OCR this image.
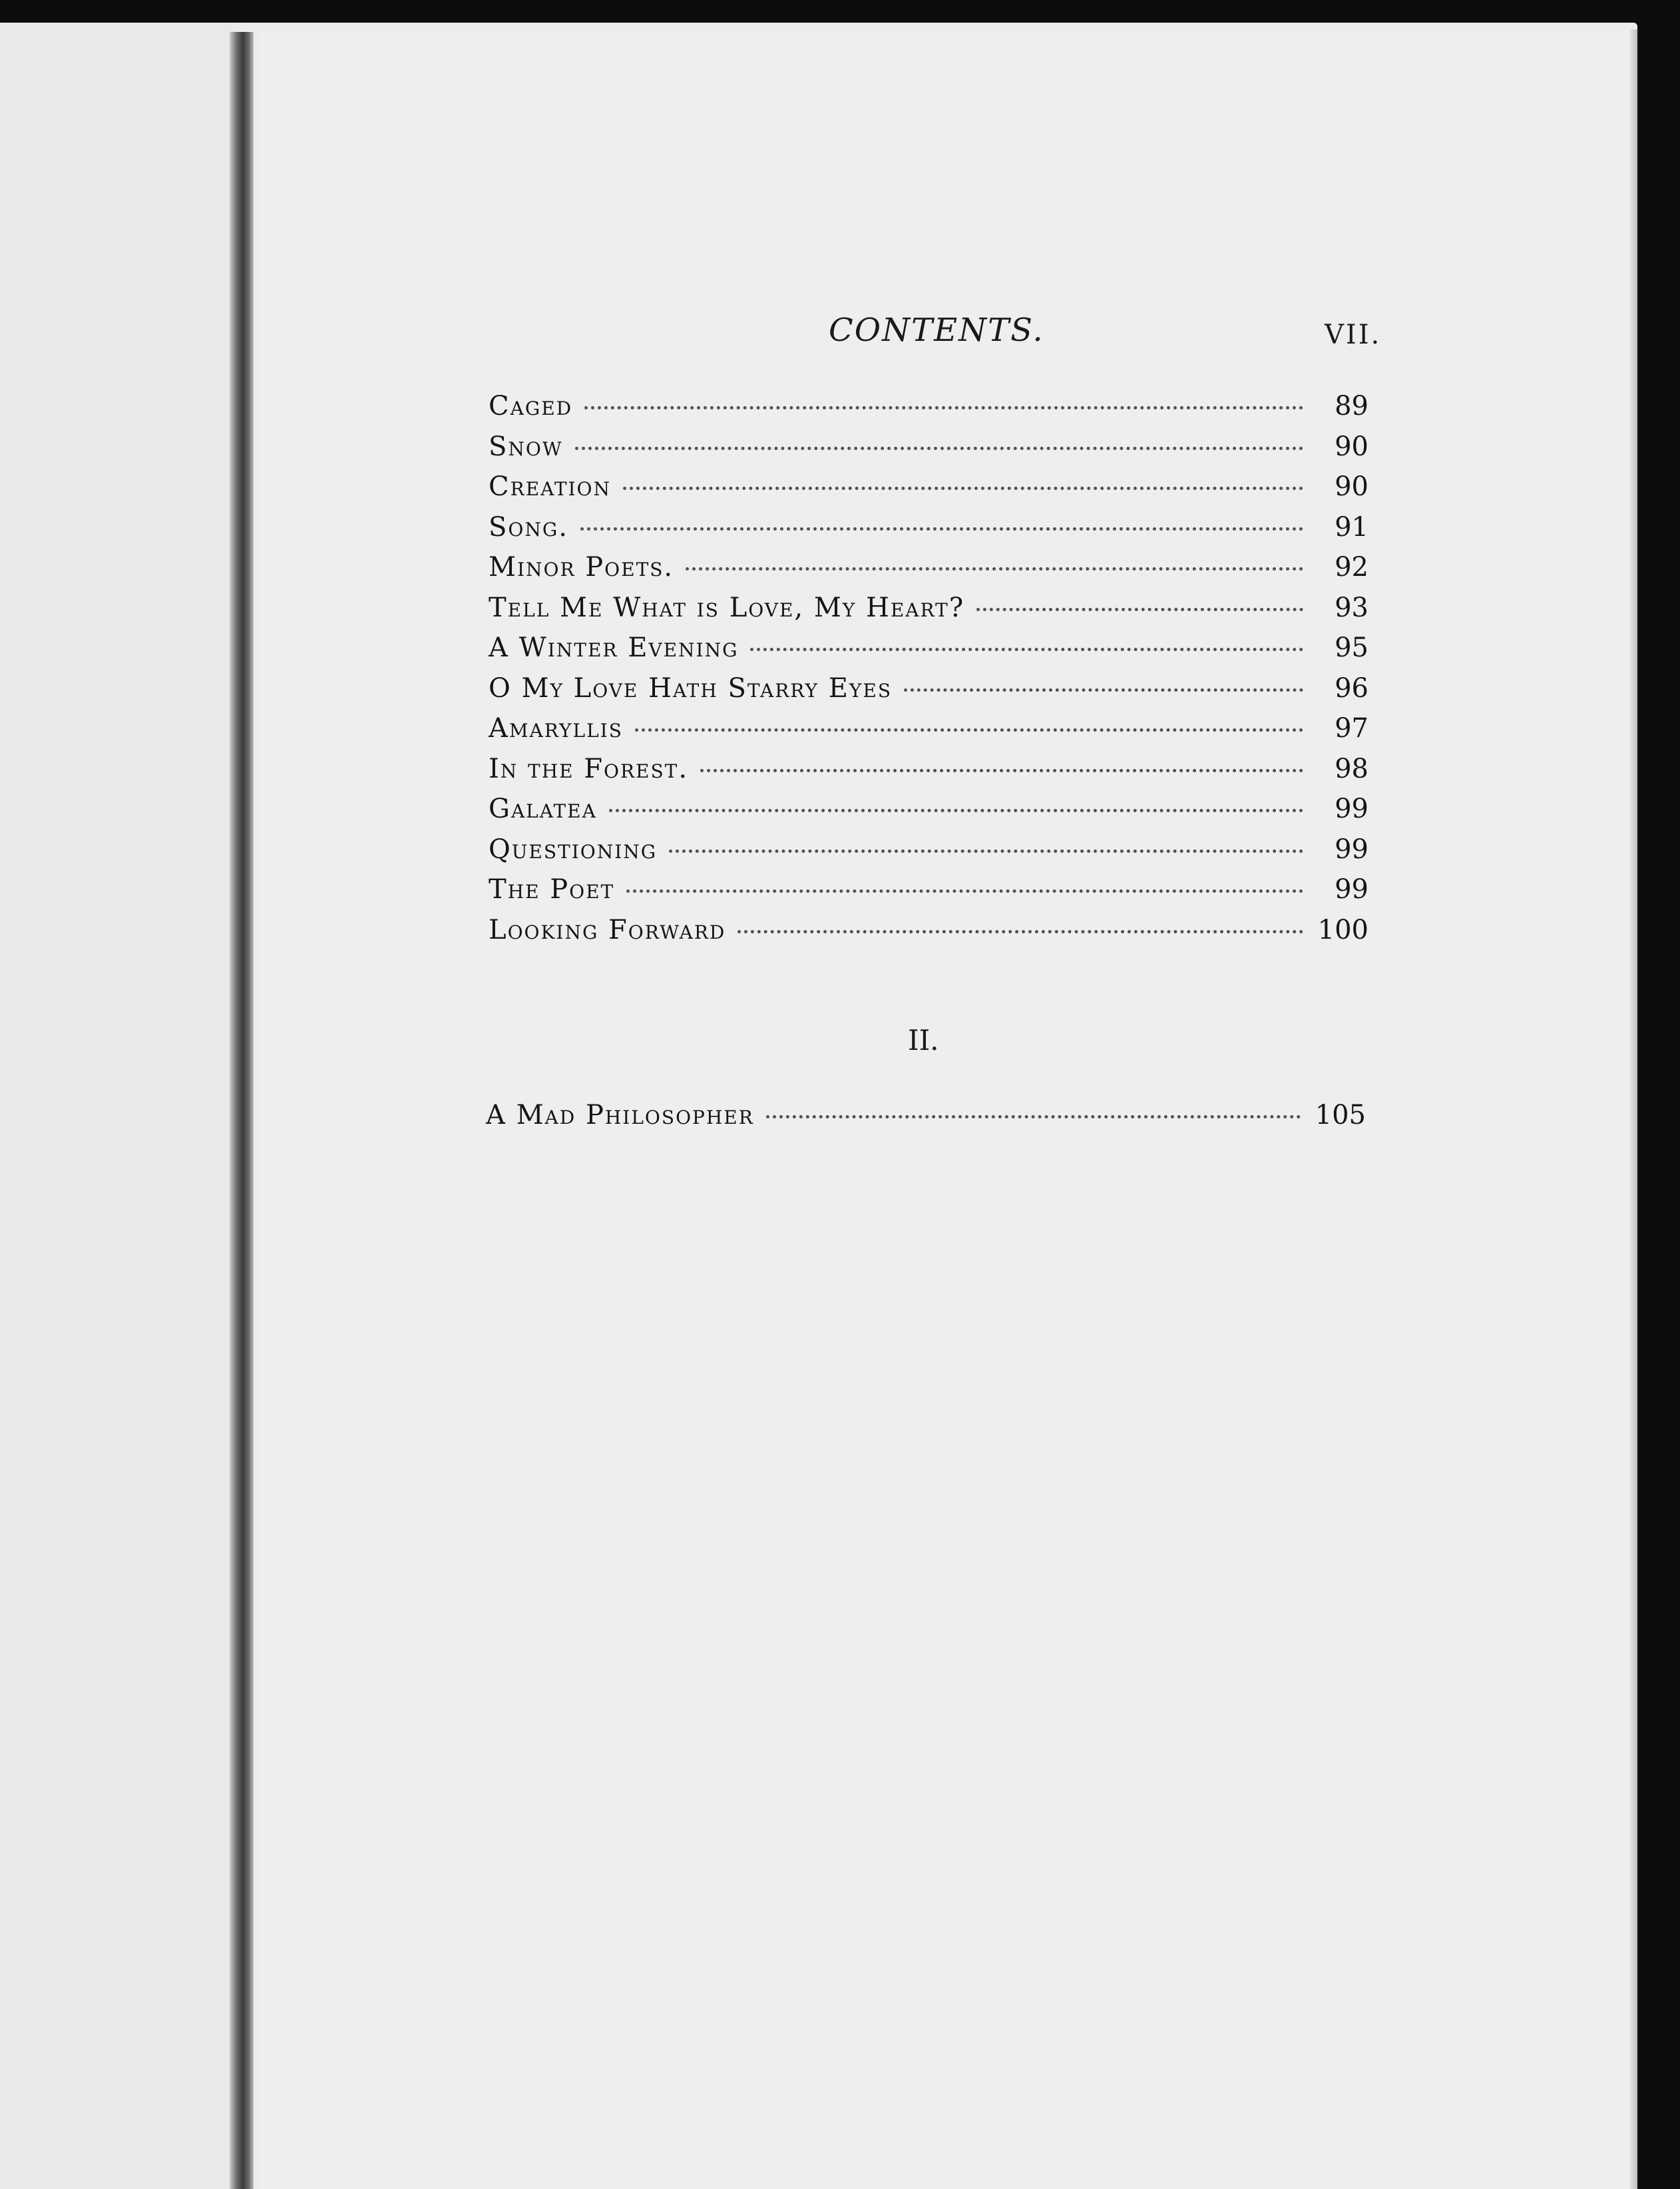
CONTENTS.	VII.
Caged	89
Snow	90
Creation	90
Song.	91
Minor Poets.	92
Tell Me What is Love, My Heart?	93
A Winter Evening	95
O My Love Hath Starry Eyes	96
Amaryllis	97
In the Forest.	98
Galatea	99
Questioning	99
The Poet	99
Looking Forward	100
II.
A Mad Philosopher	105
